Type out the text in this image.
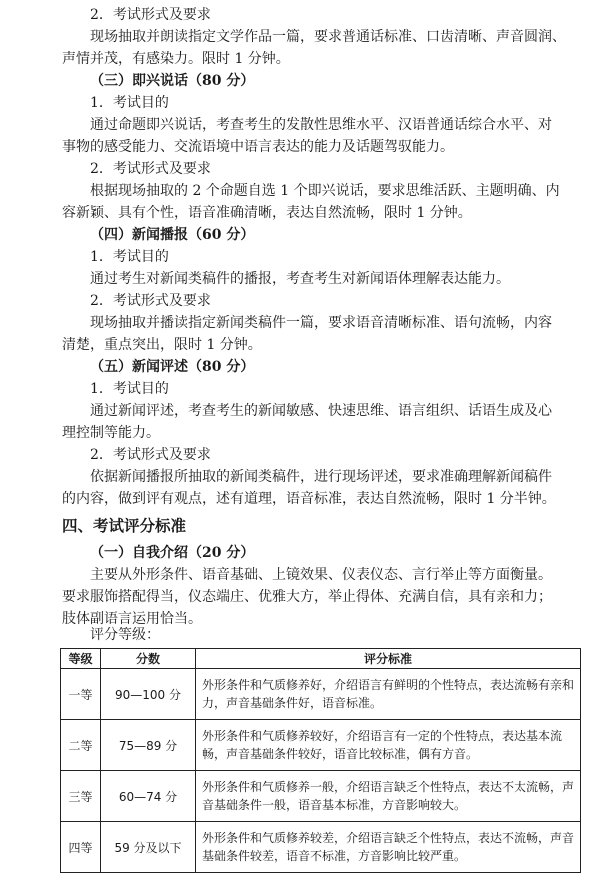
2．考试形式及要求
现场抽取并朗读指定文学作品一篇，要求普通话标准、口齿清晰、声音圆润、
声情并茂，有感染力。限时 1 分钟。
（三）即兴说话（80 分）
1．考试目的
通过命题即兴说话，考查考生的发散性思维水平、汉语普通话综合水平、对
事物的感受能力、交流语境中语言表达的能力及话题驾驭能力。
2．考试形式及要求
根据现场抽取的 2 个命题自选 1 个即兴说话，要求思维活跃、主题明确、内
容新颖、具有个性，语音准确清晰，表达自然流畅，限时 1 分钟。
（四）新闻播报（60 分）
1．考试目的
通过考生对新闻类稿件的播报，考查考生对新闻语体理解表达能力。
2．考试形式及要求
现场抽取并播读指定新闻类稿件一篇，要求语音清晰标准、语句流畅，内容
清楚，重点突出，限时 1 分钟。
（五）新闻评述（80 分）
1．考试目的
通过新闻评述，考查考生的新闻敏感、快速思维、语言组织、话语生成及心
理控制等能力。
2．考试形式及要求
依据新闻播报所抽取的新闻类稿件，进行现场评述，要求准确理解新闻稿件
的内容，做到评有观点，述有道理，语音标准，表达自然流畅，限时 1 分半钟。
四、考试评分标准
（一）自我介绍（20 分）
主要从外形条件、语音基础、上镜效果、仪表仪态、言行举止等方面衡量。
要求服饰搭配得当，仪态端庄、优雅大方，举止得体、充满自信，具有亲和力；
肢体副语言运用恰当。
评分等级：
等级	分数	评分标准
一等	90—100 分	外形条件和气质修养好，介绍语言有鲜明的个性特点，表达流畅有亲和力，声音基础条件好，语音标准。
二等	75—89 分	外形条件和气质修养较好，介绍语言有一定的个性特点，表达基本流畅，声音基础条件较好，语音比较标准，偶有方音。
三等	60—74 分	外形条件和气质修养一般，介绍语言缺乏个性特点，表达不太流畅，声音基础条件一般，语音基本标准，方音影响较大。
四等	59 分及以下	外形条件和气质修养较差，介绍语言缺乏个性特点，表达不流畅，声音基础条件较差，语音不标准，方音影响比较严重。
